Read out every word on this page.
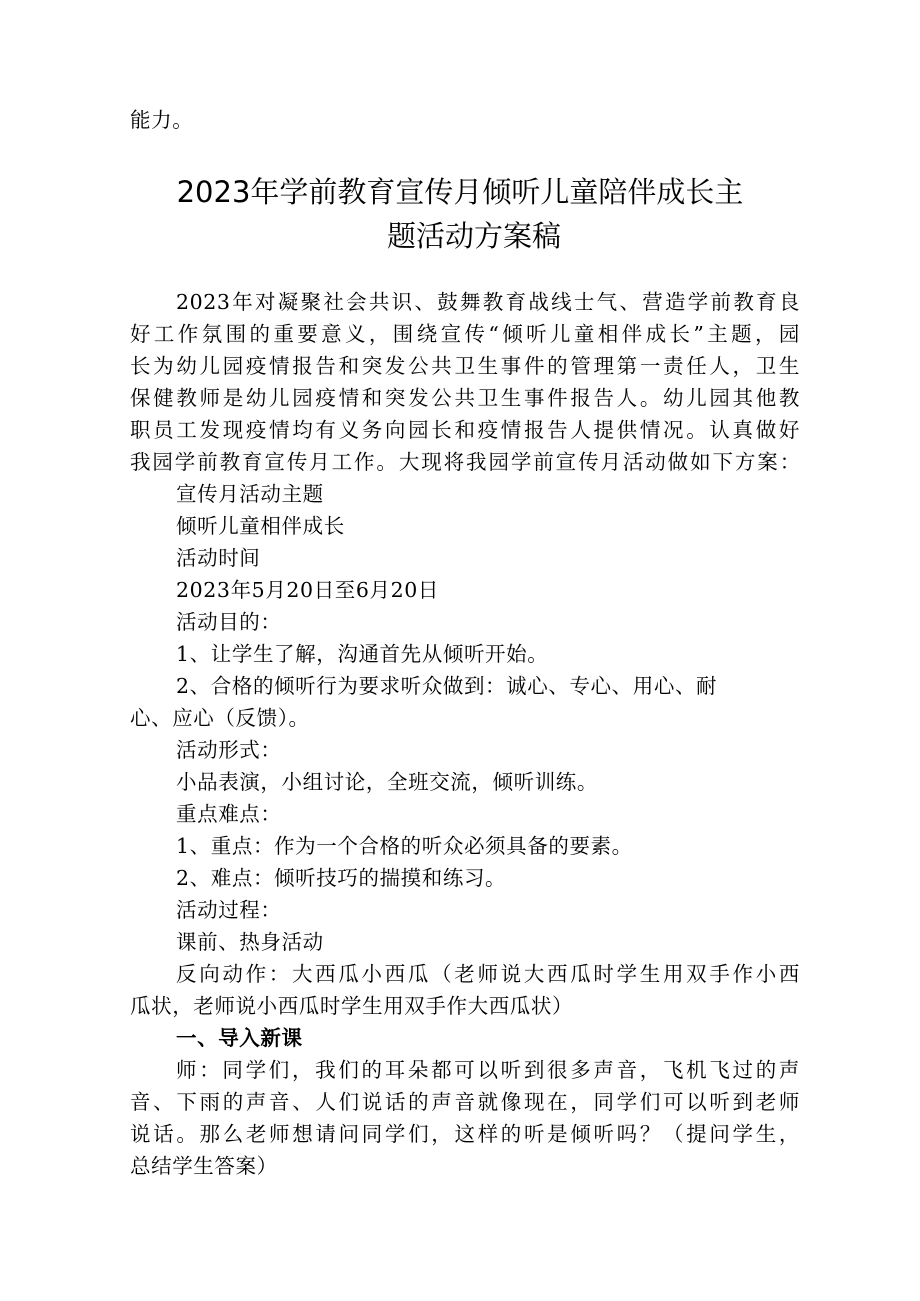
能力。
2023年学前教育宣传月倾听儿童陪伴成长主
题活动方案稿
2023年对凝聚社会共识、鼓舞教育战线士气、营造学前教育良
好工作氛围的重要意义，围绕宣传“倾听儿童相伴成长”主题，园
长为幼儿园疫情报告和突发公共卫生事件的管理第一责任人，卫生
保健教师是幼儿园疫情和突发公共卫生事件报告人。幼儿园其他教
职员工发现疫情均有义务向园长和疫情报告人提供情况。认真做好
我园学前教育宣传月工作。大现将我园学前宣传月活动做如下方案：
宣传月活动主题
倾听儿童相伴成长
活动时间
2023年5月20日至6月20日
活动目的：
1、让学生了解，沟通首先从倾听开始。
2、合格的倾听行为要求听众做到：诚心、专心、用心、耐
心、应心（反馈）。
活动形式：
小品表演，小组讨论，全班交流，倾听训练。
重点难点：
1、重点：作为一个合格的听众必须具备的要素。
2、难点：倾听技巧的揣摸和练习。
活动过程：
课前、热身活动
反向动作：大西瓜小西瓜（老师说大西瓜时学生用双手作小西
瓜状，老师说小西瓜时学生用双手作大西瓜状）
一、导入新课
师：同学们，我们的耳朵都可以听到很多声音，飞机飞过的声
音、下雨的声音、人们说话的声音就像现在，同学们可以听到老师
说话。那么老师想请问同学们，这样的听是倾听吗？（提问学生，
总结学生答案）
